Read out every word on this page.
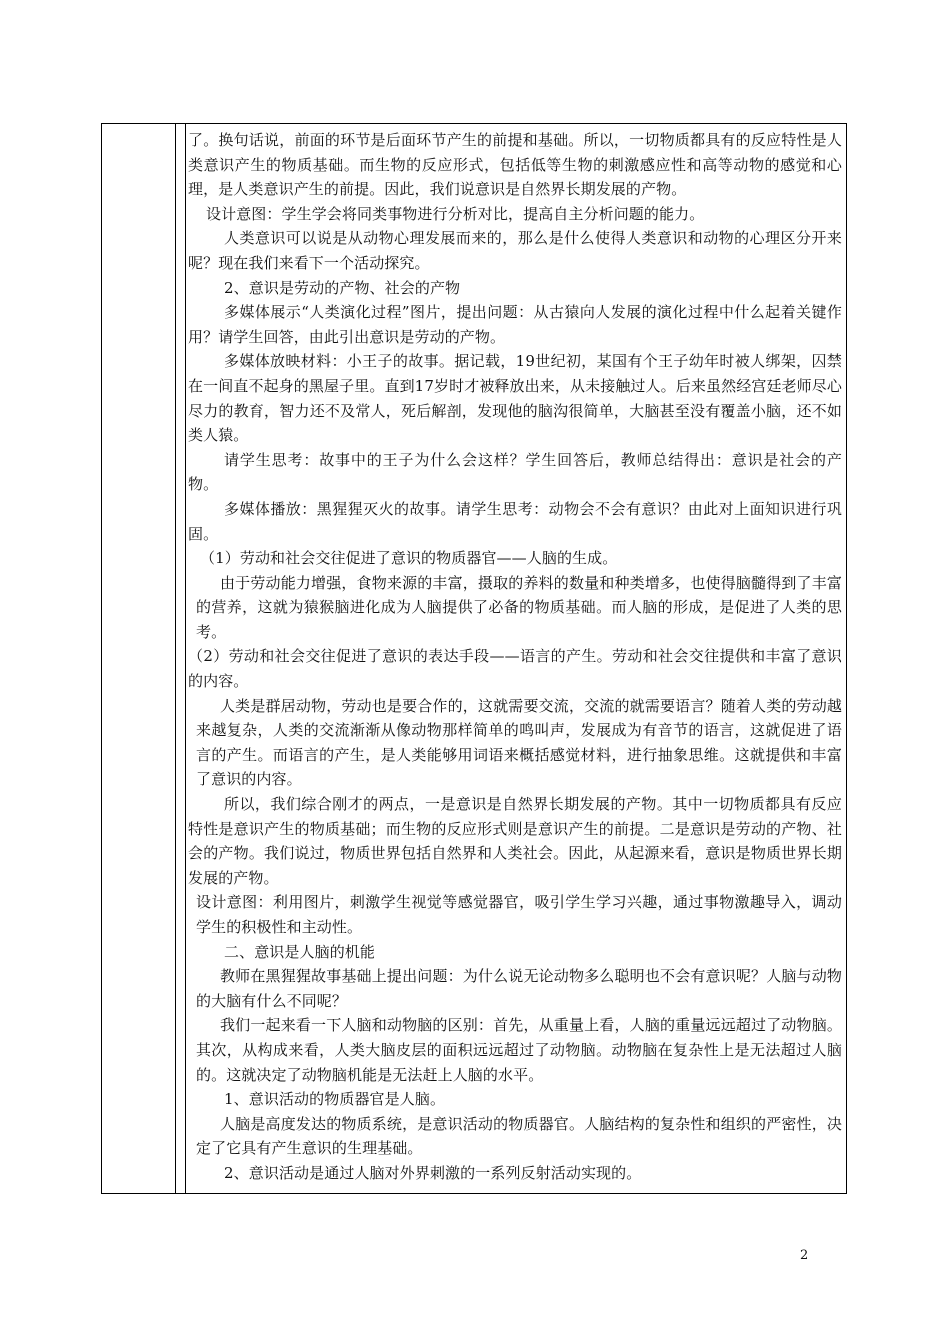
了。换句话说，前面的环节是后面环节产生的前提和基础。所以，一切物质都具有的反应特性是人类意识产生的物质基础。而生物的反应形式，包括低等生物的刺激感应性和高等动物的感觉和心理，是人类意识产生的前提。因此，我们说意识是自然界长期发展的产物。

设计意图：学生学会将同类事物进行分析对比，提高自主分析问题的能力。

人类意识可以说是从动物心理发展而来的，那么是什么使得人类意识和动物的心理区分开来呢？现在我们来看下一个活动探究。

2、意识是劳动的产物、社会的产物

多媒体展示“人类演化过程”图片，提出问题：从古猿向人发展的演化过程中什么起着关键作用？请学生回答，由此引出意识是劳动的产物。

多媒体放映材料：小王子的故事。据记载，19世纪初，某国有个王子幼年时被人绑架，囚禁在一间直不起身的黑屋子里。直到17岁时才被释放出来，从未接触过人。后来虽然经宫廷老师尽心尽力的教育，智力还不及常人，死后解剖，发现他的脑沟很简单，大脑甚至没有覆盖小脑，还不如类人猿。

请学生思考：故事中的王子为什么会这样？学生回答后，教师总结得出：意识是社会的产物。

多媒体播放：黑猩猩灭火的故事。请学生思考：动物会不会有意识？由此对上面知识进行巩固。

（1）劳动和社会交往促进了意识的物质器官——人脑的生成。

由于劳动能力增强，食物来源的丰富，摄取的养料的数量和种类增多，也使得脑髓得到了丰富的营养，这就为猿猴脑进化成为人脑提供了必备的物质基础。而人脑的形成，是促进了人类的思考。

（2）劳动和社会交往促进了意识的表达手段——语言的产生。劳动和社会交往提供和丰富了意识的内容。

人类是群居动物，劳动也是要合作的，这就需要交流，交流的就需要语言？随着人类的劳动越来越复杂，人类的交流渐渐从像动物那样简单的鸣叫声，发展成为有音节的语言，这就促进了语言的产生。而语言的产生，是人类能够用词语来概括感觉材料，进行抽象思维。这就提供和丰富了意识的内容。

所以，我们综合刚才的两点，一是意识是自然界长期发展的产物。其中一切物质都具有反应特性是意识产生的物质基础；而生物的反应形式则是意识产生的前提。二是意识是劳动的产物、社会的产物。我们说过，物质世界包括自然界和人类社会。因此，从起源来看，意识是物质世界长期发展的产物。

设计意图：利用图片，刺激学生视觉等感觉器官，吸引学生学习兴趣，通过事物激趣导入，调动学生的积极性和主动性。

二、意识是人脑的机能

教师在黑猩猩故事基础上提出问题：为什么说无论动物多么聪明也不会有意识呢？人脑与动物的大脑有什么不同呢？

我们一起来看一下人脑和动物脑的区别：首先，从重量上看，人脑的重量远远超过了动物脑。其次，从构成来看，人类大脑皮层的面积远远超过了动物脑。动物脑在复杂性上是无法超过人脑的。这就决定了动物脑机能是无法赶上人脑的水平。

1、意识活动的物质器官是人脑。

人脑是高度发达的物质系统，是意识活动的物质器官。人脑结构的复杂性和组织的严密性，决定了它具有产生意识的生理基础。

2、意识活动是通过人脑对外界刺激的一系列反射活动实现的。

2
